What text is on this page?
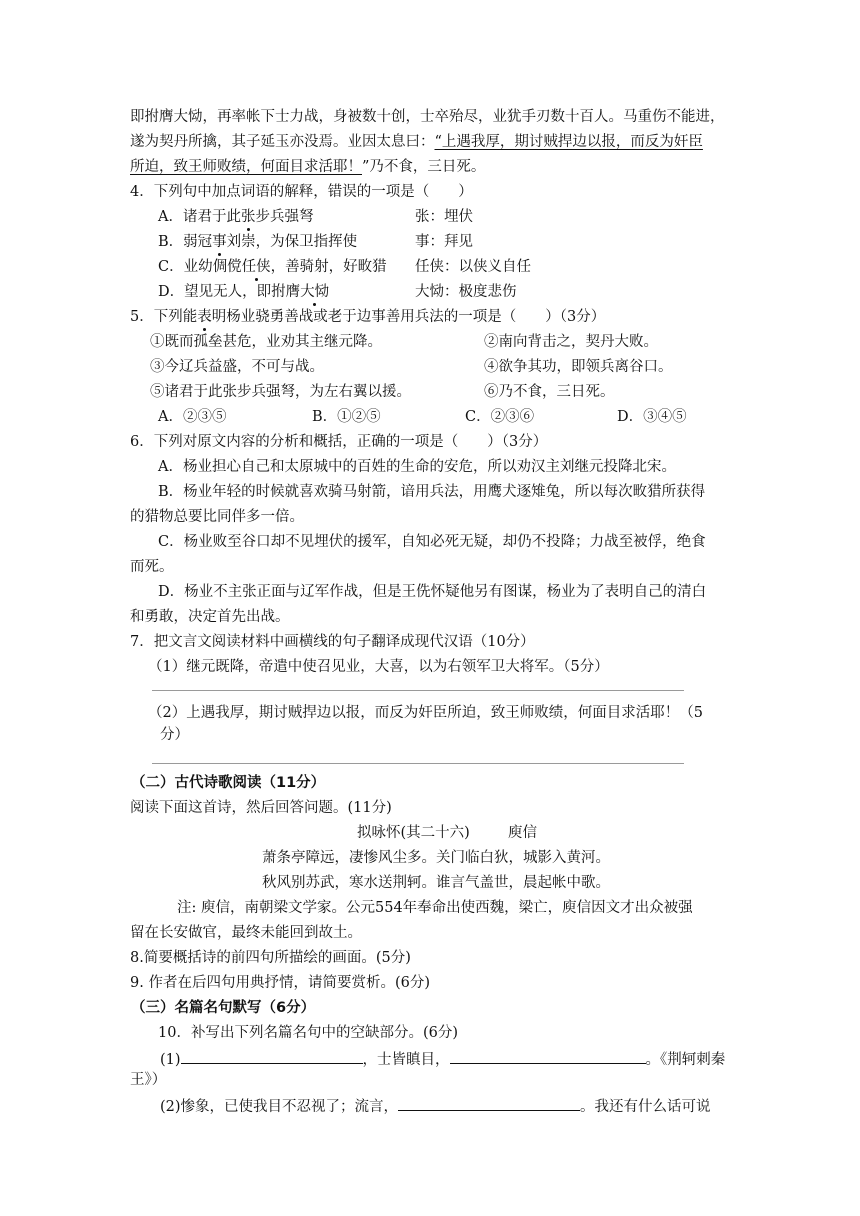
即拊膺大恸，再率帐下士力战，身被数十创，士卒殆尽，业犹手刃数十百人。马重伤不能进，
遂为契丹所擒，其子延玉亦没焉。业因太息曰：“上遇我厚，期讨贼捍边以报，而反为奸臣
所迫，致王师败绩，何面目求活耶！”乃不食，三日死。
4．下列句中加点词语的解释，错误的一项是（　　）
A．诸君于此张步兵强弩	张：埋伏
B．弱冠事刘崇，为保卫指挥使	事：拜见
C．业幼倜傥任侠，善骑射，好畋猎 任侠：以侠义自任
D．望见无人，即拊膺大恸	大恸：极度悲伤
5．下列能表明杨业骁勇善战或老于边事善用兵法的一项是（　　）（3分）
①既而孤垒甚危，业劝其主继元降。	②南向背击之，契丹大败。
③今辽兵益盛，不可与战。	④欲争其功，即领兵离谷口。
⑤诸君于此张步兵强弩，为左右翼以援。	⑥乃不食，三日死。
A．②③⑤	B．①②⑤	C．②③⑥	D．③④⑤
6．下列对原文内容的分析和概括，正确的一项是（　　）（3分）
A．杨业担心自己和太原城中的百姓的生命的安危，所以劝汉主刘继元投降北宋。
B．杨业年轻的时候就喜欢骑马射箭，谙用兵法，用鹰犬逐雉兔，所以每次畋猎所获得
的猎物总要比同伴多一倍。
C．杨业败至谷口却不见埋伏的援军，自知必死无疑，却仍不投降；力战至被俘，绝食
而死。
D．杨业不主张正面与辽军作战，但是王侁怀疑他另有图谋，杨业为了表明自己的清白
和勇敢，决定首先出战。
7．把文言文阅读材料中画横线的句子翻译成现代汉语（10分）
（1）继元既降，帝遣中使召见业，大喜，以为右领军卫大将军。（5分）
（2）上遇我厚，期讨贼捍边以报，而反为奸臣所迫，致王师败绩，何面目求活耶！（5
分）
（二）古代诗歌阅读（11分）
阅读下面这首诗，然后回答问题。(11分)
拟咏怀(其二十六)	庾信
萧条亭障远，凄惨风尘多。关门临白狄，城影入黄河。
秋风别苏武，寒水送荆轲。谁言气盖世，晨起帐中歌。
注: 庾信，南朝梁文学家。公元554年奉命出使西魏，梁亡，庾信因文才出众被强
留在长安做官，最终未能回到故土。
8.简要概括诗的前四句所描绘的画面。(5分)
9. 作者在后四句用典抒情，请简要赏析。(6分)
（三）名篇名句默写（6分）
10．补写出下列名篇名句中的空缺部分。(6分)
(1)	，士皆瞋目，	。《荆轲刺秦
王》）
(2)惨象，已使我目不忍视了；流言，	。我还有什么话可说
